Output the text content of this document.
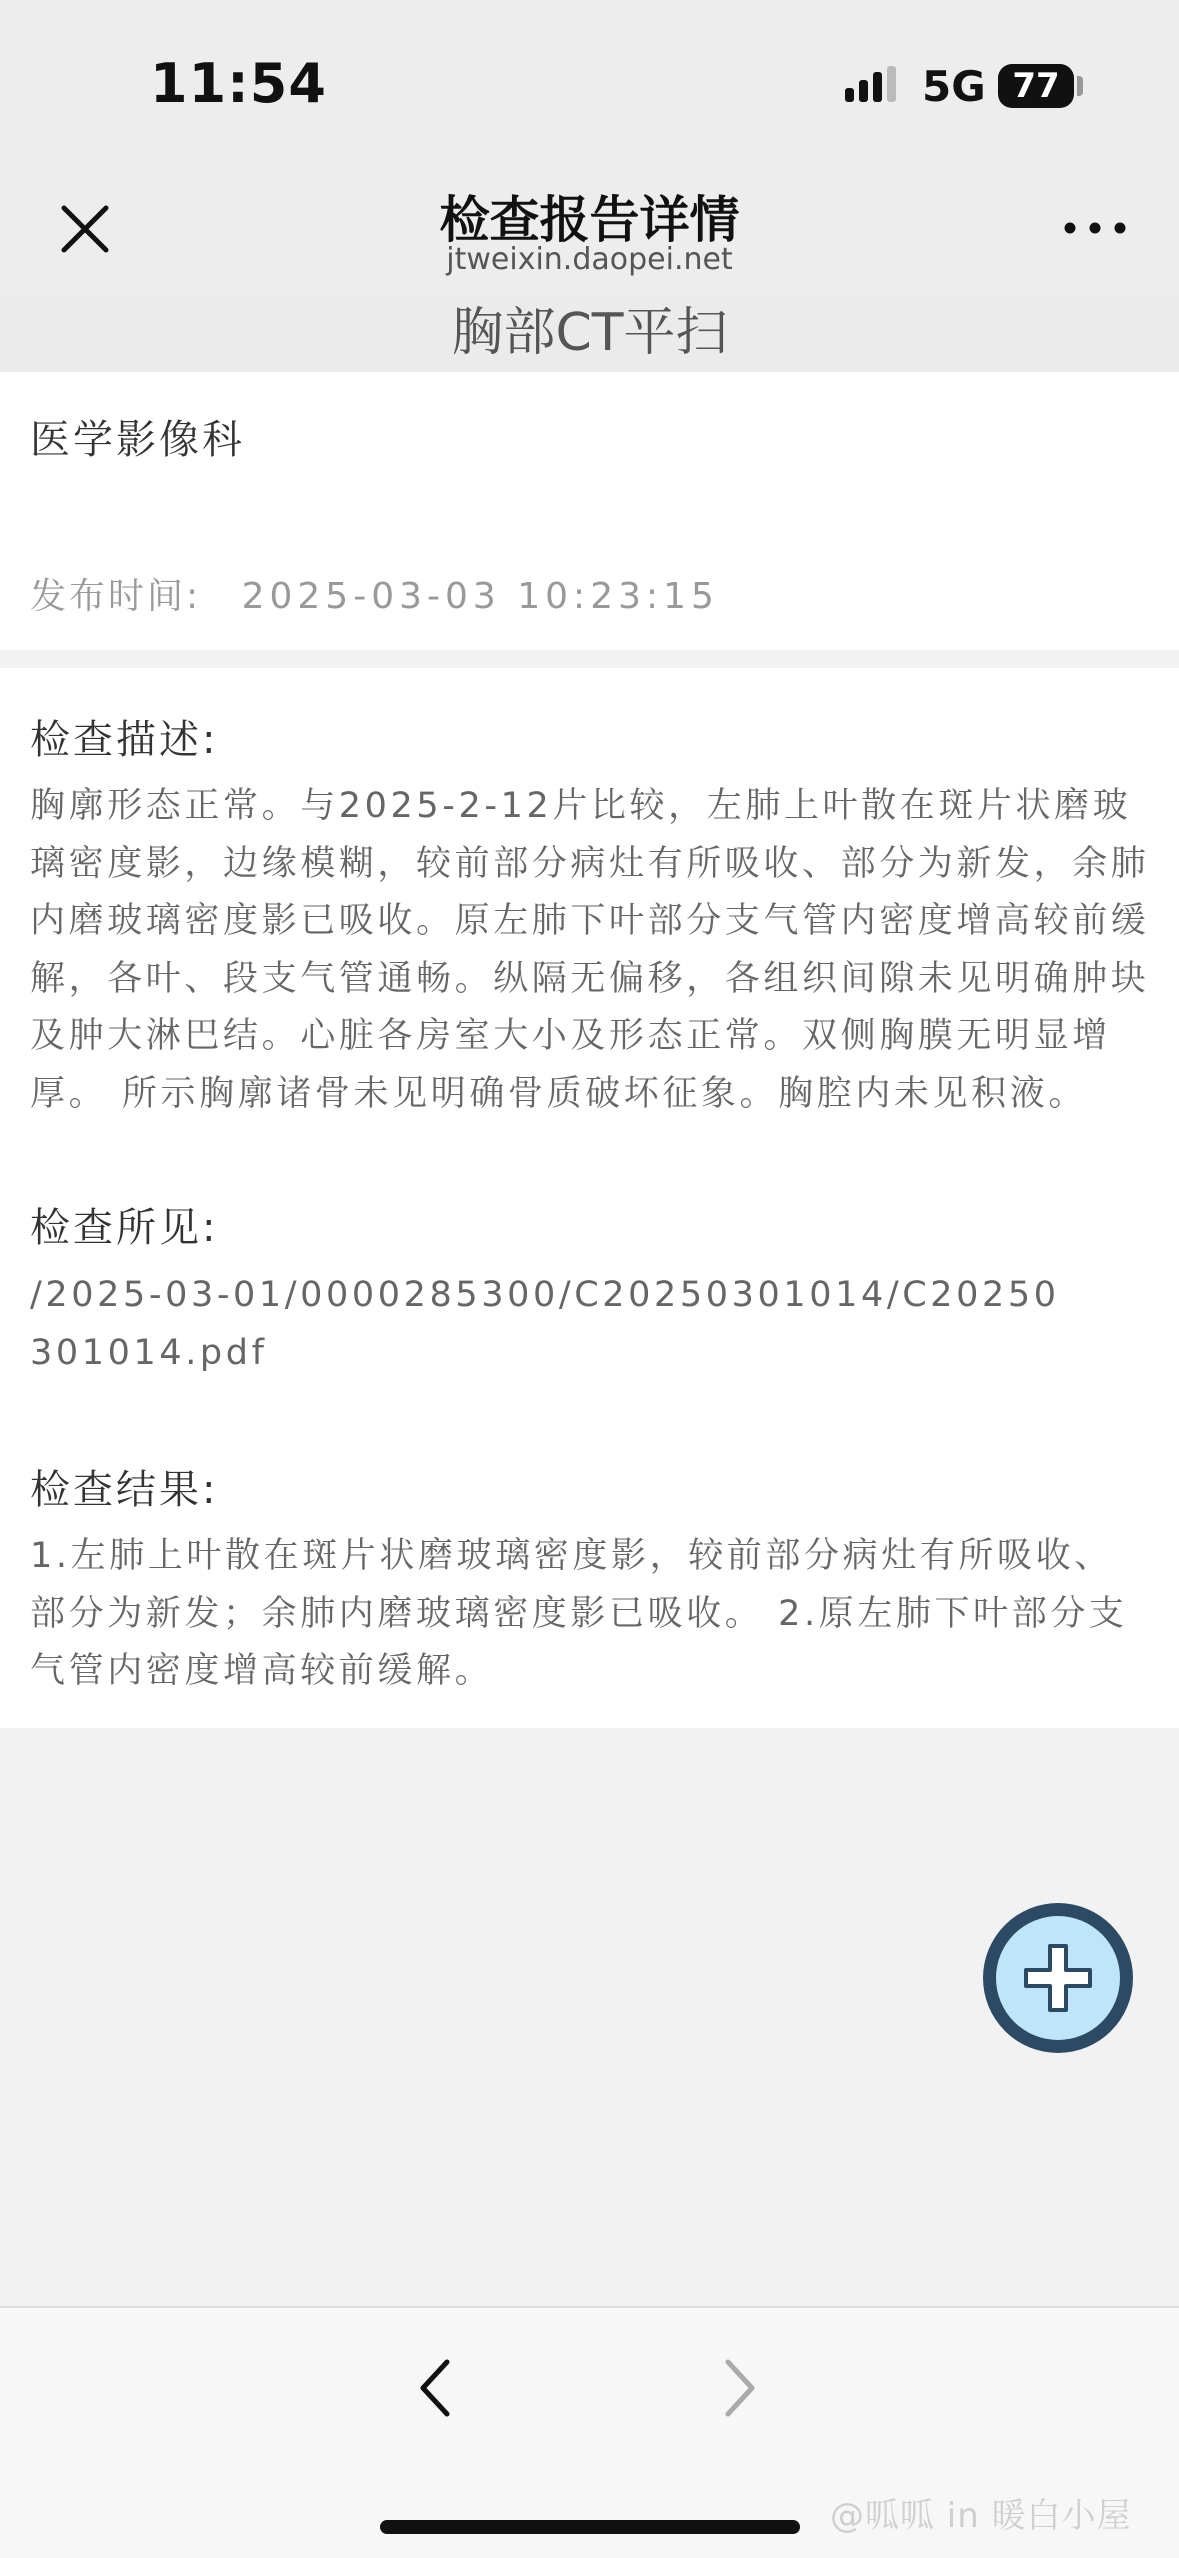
11:54	5G 77
检查报告详情
jtweixin.daopei.net
胸部CT平扫
医学影像科
发布时间: 2025-03-03 10:23:15
检查描述:
胸廓形态正常。与2025-2-12片比较，左肺上叶散在斑片状磨玻璃密度影，边缘模糊，较前部分病灶有所吸收、部分为新发，余肺内磨玻璃密度影已吸收。原左肺下叶部分支气管内密度增高较前缓解，各叶、段支气管通畅。纵隔无偏移，各组织间隙未见明确肿块及肿大淋巴结。心脏各房室大小及形态正常。双侧胸膜无明显增厚。 所示胸廓诸骨未见明确骨质破坏征象。胸腔内未见积液。
检查所见:
/2025-03-01/0000285300/C20250301014/C20250301014.pdf
检查结果:
1.左肺上叶散在斑片状磨玻璃密度影，较前部分病灶有所吸收、部分为新发；余肺内磨玻璃密度影已吸收。 2.原左肺下叶部分支气管内密度增高较前缓解。
@呱呱 in 暖白小屋
